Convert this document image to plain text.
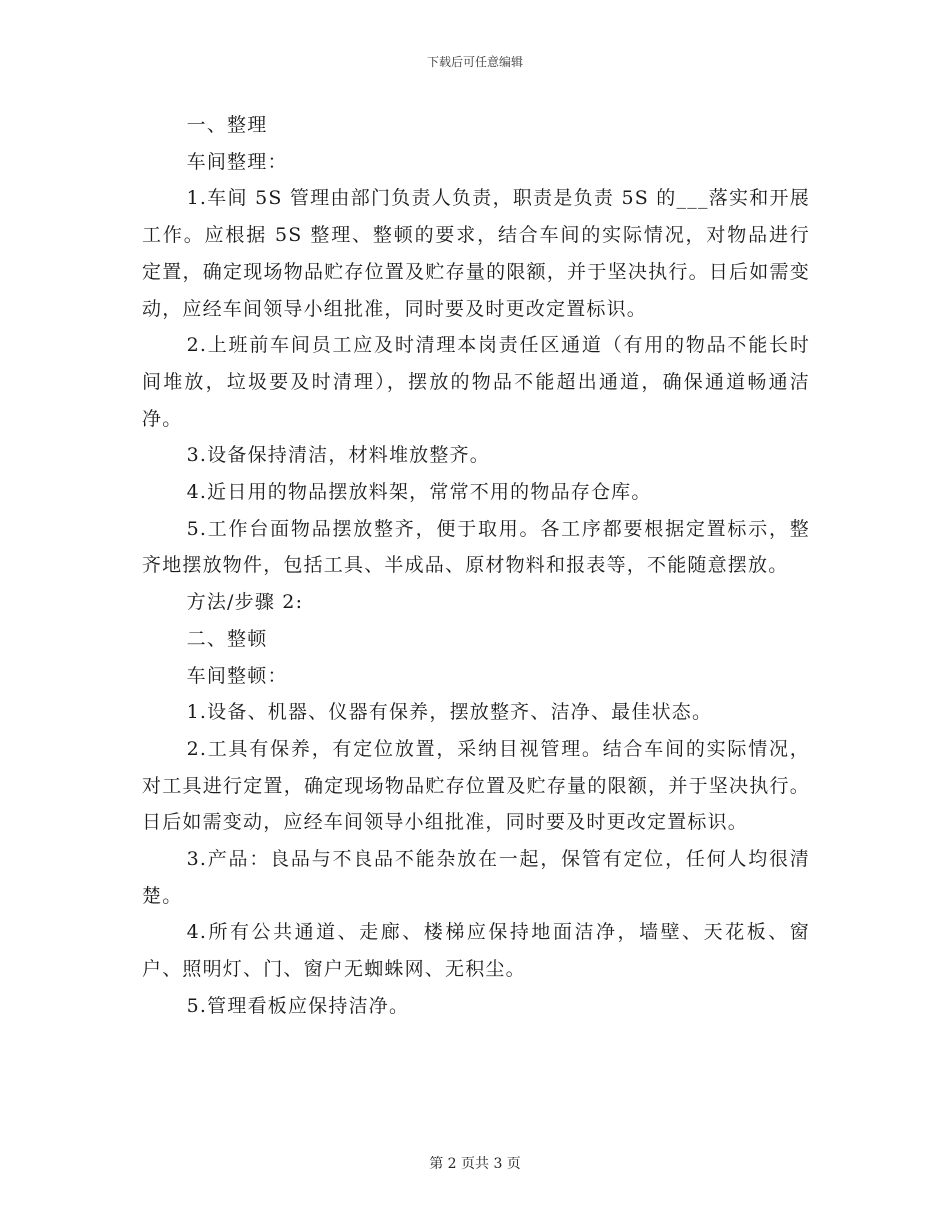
下载后可任意编辑

一、整理

车间整理：

1.车间 5S 管理由部门负责人负责，职责是负责 5S 的___落实和开展工作。应根据 5S 整理、整顿的要求，结合车间的实际情况，对物品进行定置，确定现场物品贮存位置及贮存量的限额，并于坚决执行。日后如需变动，应经车间领导小组批准，同时要及时更改定置标识。

2.上班前车间员工应及时清理本岗责任区通道（有用的物品不能长时间堆放，垃圾要及时清理），摆放的物品不能超出通道，确保通道畅通洁净。

3.设备保持清洁，材料堆放整齐。

4.近日用的物品摆放料架，常常不用的物品存仓库。

5.工作台面物品摆放整齐，便于取用。各工序都要根据定置标示，整齐地摆放物件，包括工具、半成品、原材物料和报表等，不能随意摆放。

方法/步骤 2:

二、整顿

车间整顿：

1.设备、机器、仪器有保养，摆放整齐、洁净、最佳状态。

2.工具有保养，有定位放置，采纳目视管理。结合车间的实际情况，对工具进行定置，确定现场物品贮存位置及贮存量的限额，并于坚决执行。日后如需变动，应经车间领导小组批准，同时要及时更改定置标识。

3.产品：良品与不良品不能杂放在一起，保管有定位，任何人均很清楚。

4.所有公共通道、走廊、楼梯应保持地面洁净，墙壁、天花板、窗户、照明灯、门、窗户无蜘蛛网、无积尘。

5.管理看板应保持洁净。

第 2 页共 3 页
